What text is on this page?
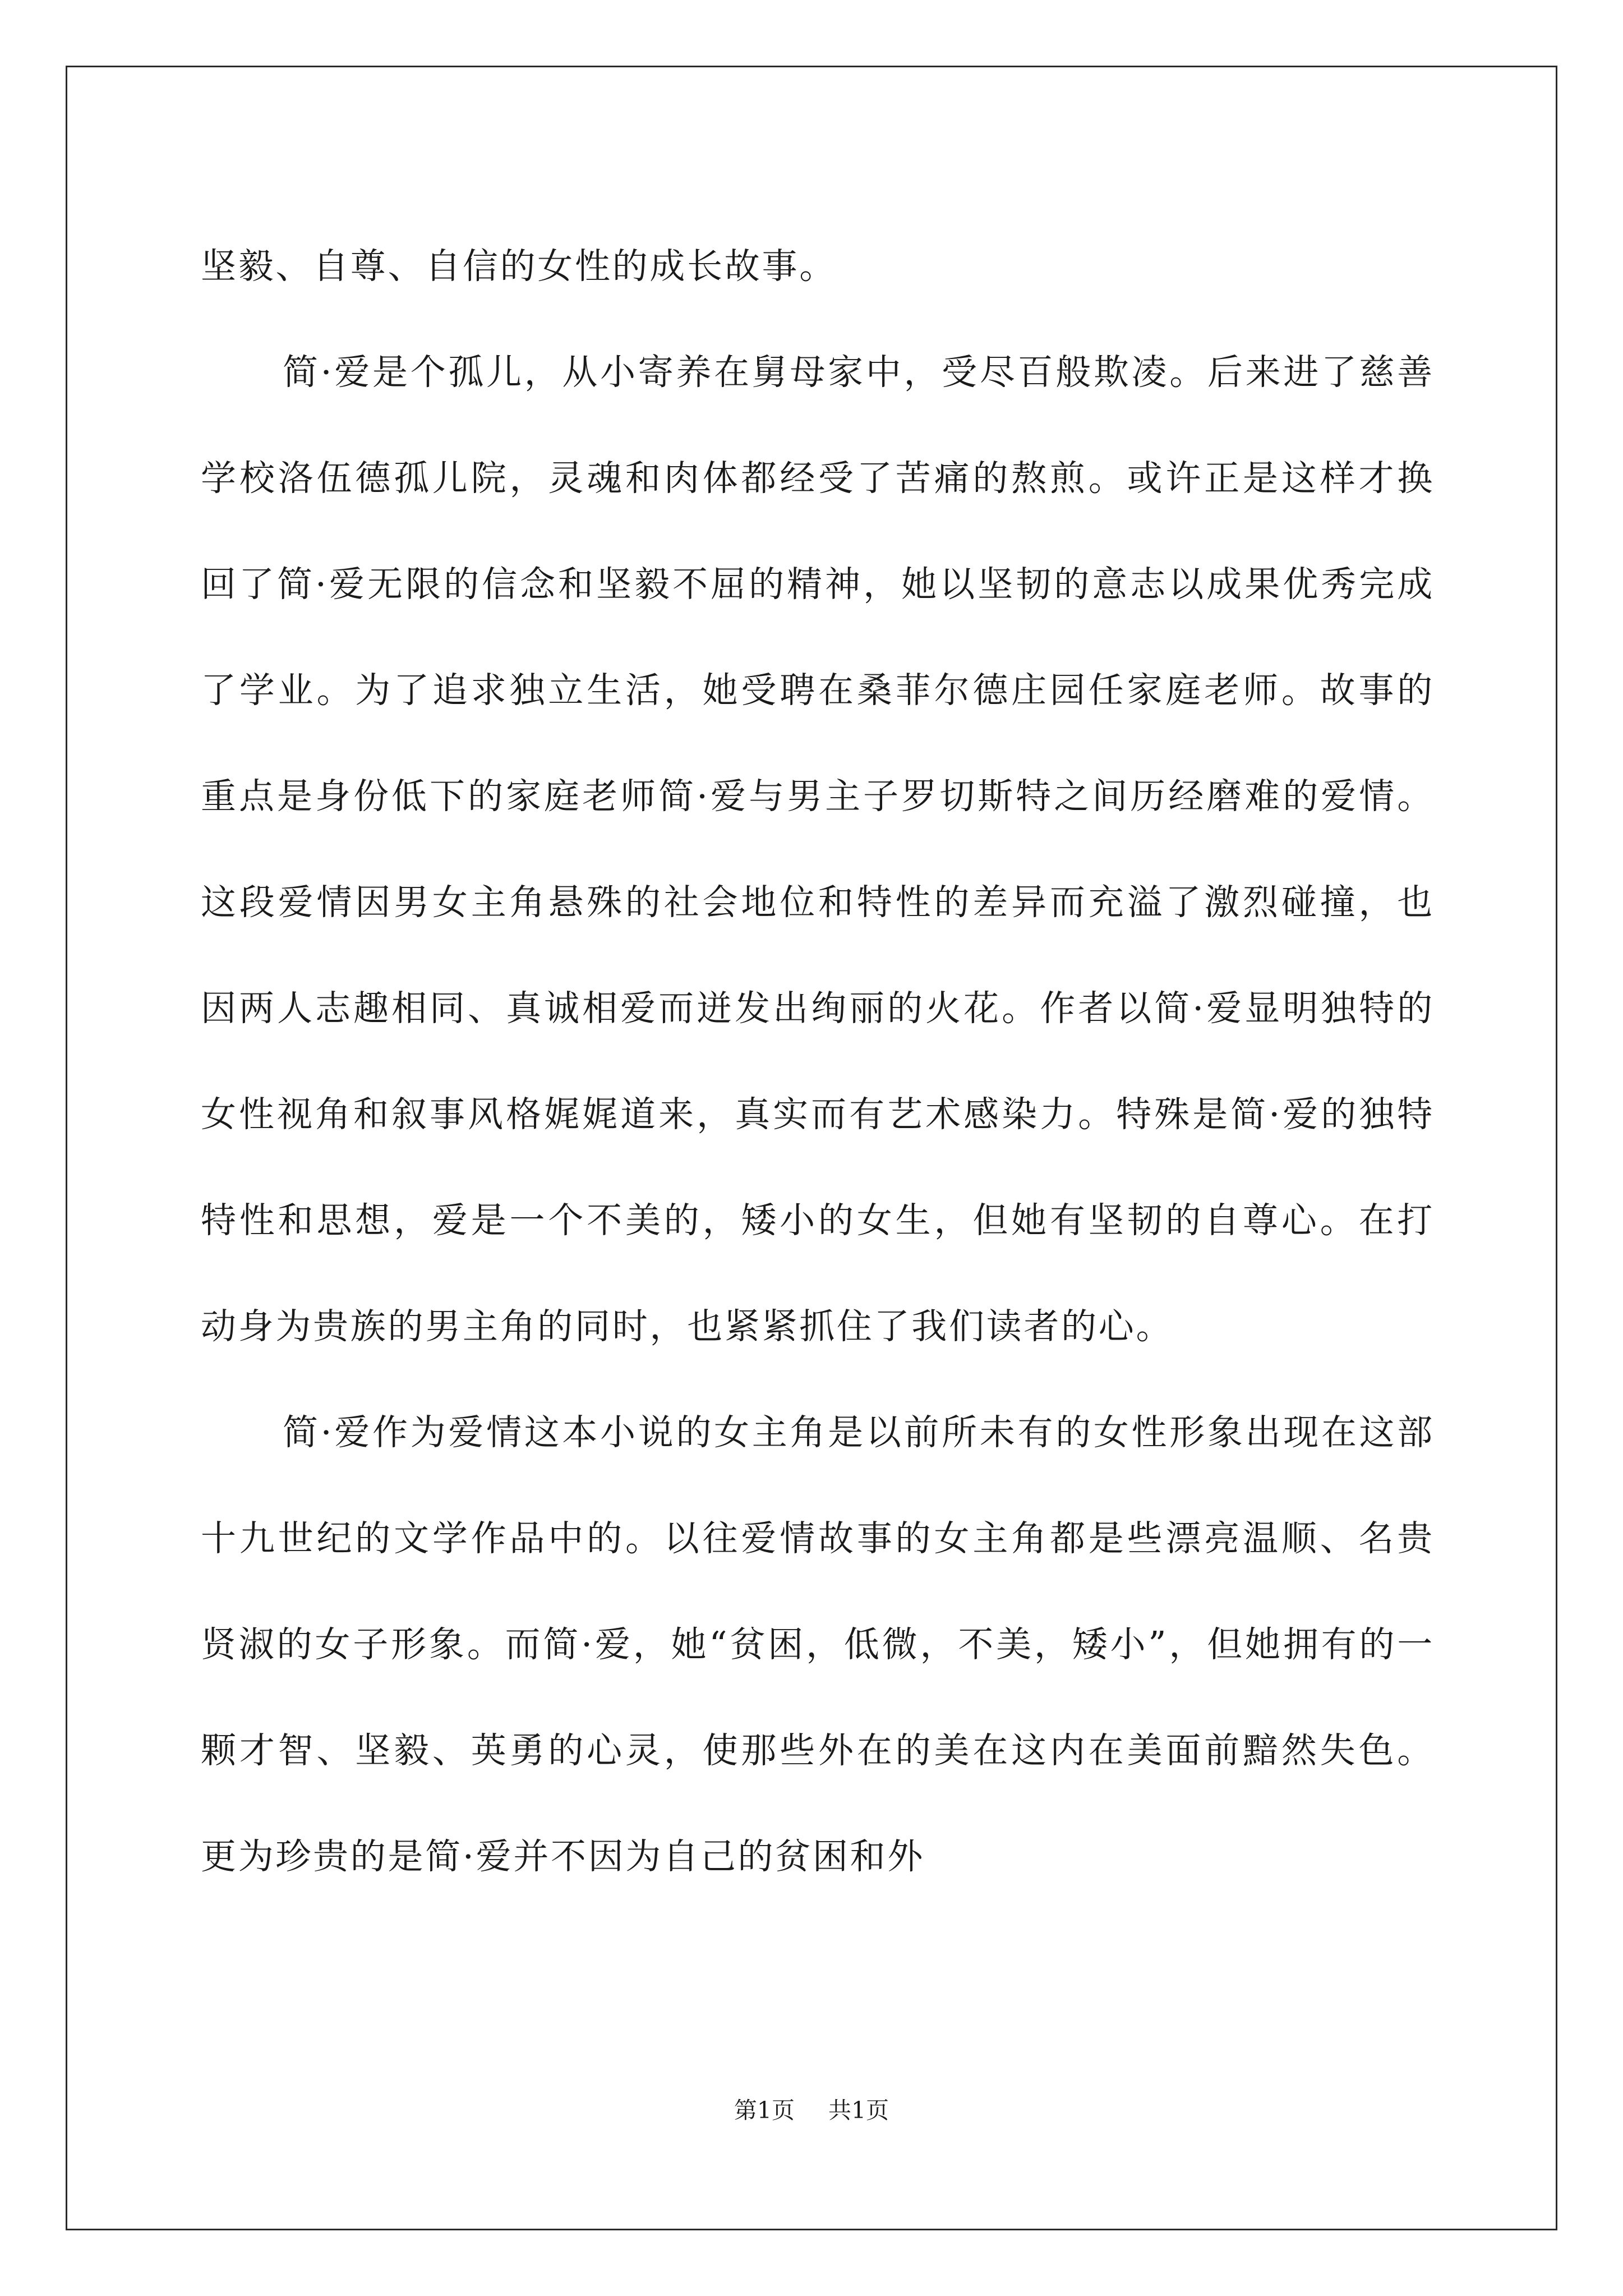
坚毅、自尊、自信的女性的成长故事。

简·爱是个孤儿，从小寄养在舅母家中，受尽百般欺凌。后来进了慈善学校洛伍德孤儿院，灵魂和肉体都经受了苦痛的熬煎。或许正是这样才换回了简·爱无限的信念和坚毅不屈的精神，她以坚韧的意志以成果优秀完成了学业。为了追求独立生活，她受聘在桑菲尔德庄园任家庭老师。故事的重点是身份低下的家庭老师简·爱与男主子罗切斯特之间历经磨难的爱情。这段爱情因男女主角悬殊的社会地位和特性的差异而充溢了激烈碰撞，也因两人志趣相同、真诚相爱而迸发出绚丽的火花。作者以简·爱显明独特的女性视角和叙事风格娓娓道来，真实而有艺术感染力。特殊是简·爱的独特特性和思想，爱是一个不美的，矮小的女生，但她有坚韧的自尊心。在打动身为贵族的男主角的同时，也紧紧抓住了我们读者的心。

简·爱作为爱情这本小说的女主角是以前所未有的女性形象出现在这部十九世纪的文学作品中的。以往爱情故事的女主角都是些漂亮温顺、名贵贤淑的女子形象。而简·爱，她“贫困，低微，不美，矮小”，但她拥有的一颗才智、坚毅、英勇的心灵，使那些外在的美在这内在美面前黯然失色。更为珍贵的是简·爱并不因为自己的贫困和外

第1页 共1页
